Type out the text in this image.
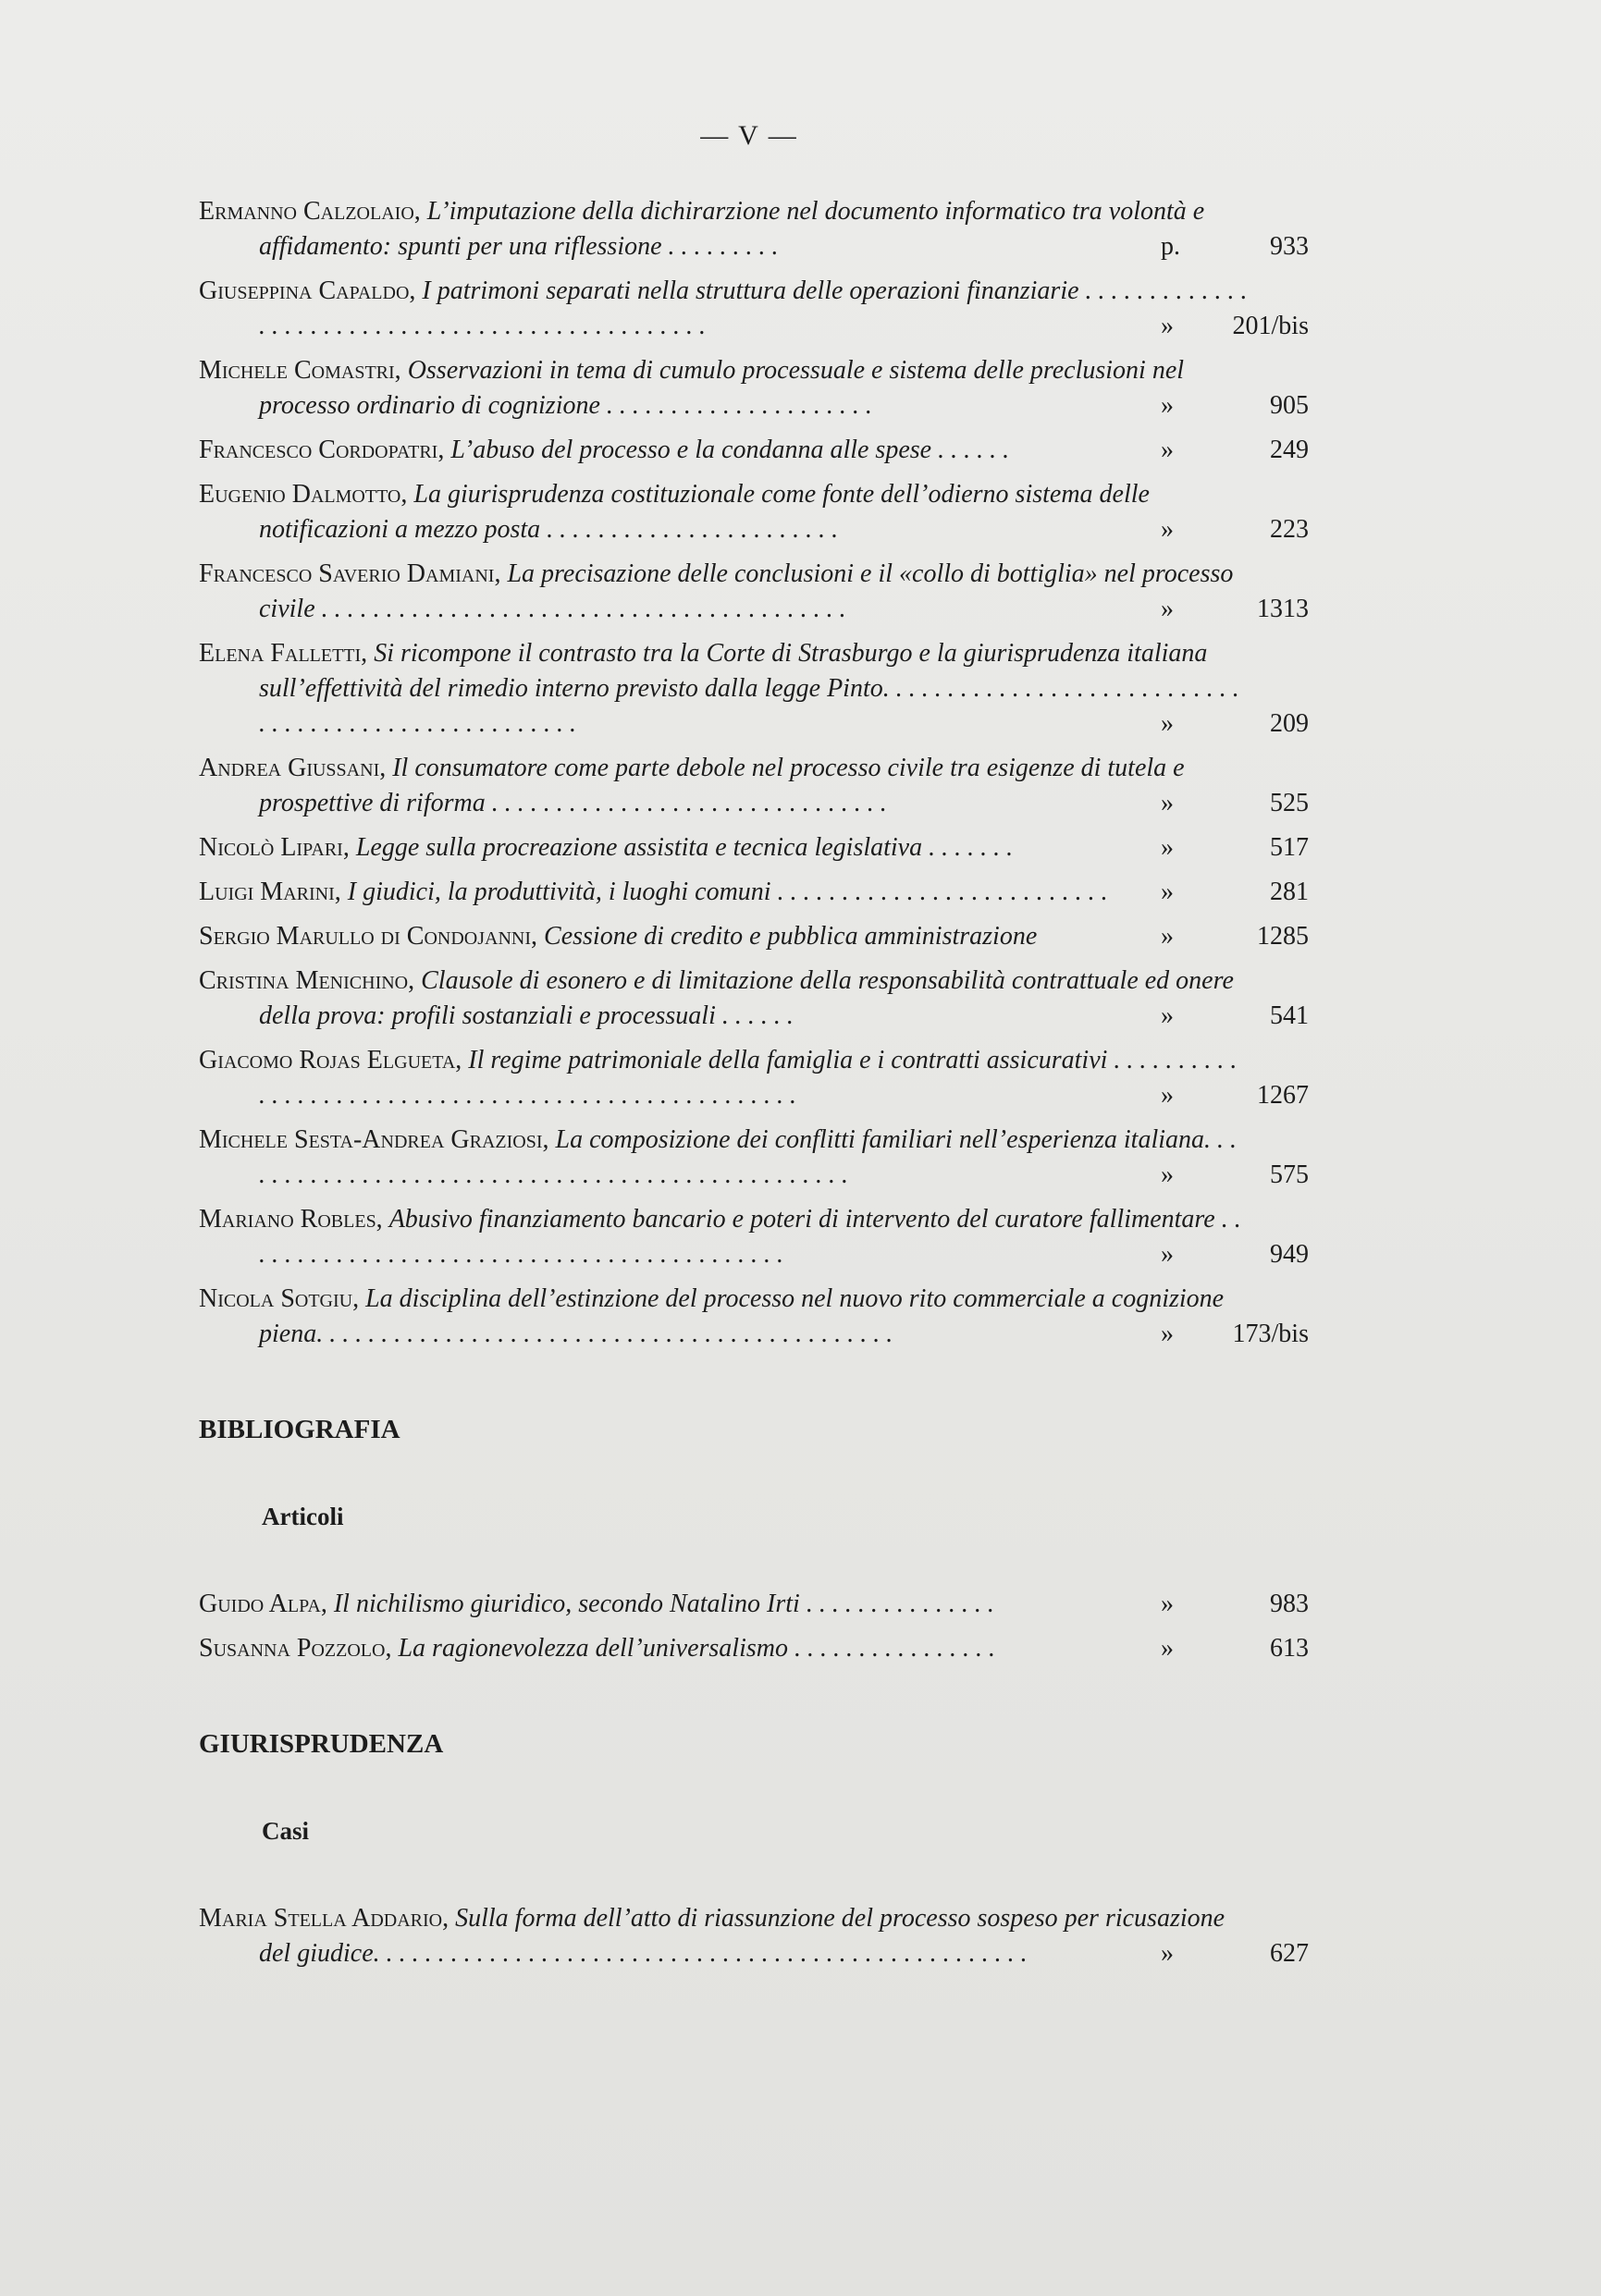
— V —
Ermanno Calzolaio, L’imputazione della dichirarzione nel documento informatico tra volontà e affidamento: spunti per una riflessione . . . . . . . . .	p.	933
Giuseppina Capaldo, I patrimoni separati nella struttura delle operazioni finanziarie . . . . . . . . . . . . . . . . . . . . . . . . . . . . . . . . . . . . . . . . . . . . . . . .	» 201/bis
Michele Comastri, Osservazioni in tema di cumulo processuale e sistema delle preclusioni nel processo ordinario di cognizione . . . . . . . . . . . . . . . . . . . . .	»	905
Francesco Cordopatri, L’abuso del processo e la condanna alle spese . . . . . .	»	249
Eugenio Dalmotto, La giurisprudenza costituzionale come fonte dell’odierno sistema delle notificazioni a mezzo posta . . . . . . . . . . . . . . . . . . . . . . .	»	223
Francesco Saverio Damiani, La precisazione delle conclusioni e il «collo di bottiglia» nel processo civile . . . . . . . . . . . . . . . . . . . . . . . . . . . . . . . . . . . . . . . . .	»	1313
Elena Falletti, Si ricompone il contrasto tra la Corte di Strasburgo e la giurisprudenza italiana sull’effettività del rimedio interno previsto dalla legge Pinto. . . . . . . . . . . . . . . . . . . . . . . . . . . . . . . . . . . . . . . . . . . . . . . . . . . . .	»	209
Andrea Giussani, Il consumatore come parte debole nel processo civile tra esigenze di tutela e prospettive di riforma . . . . . . . . . . . . . . . . . . . . . . . . . . . . . . .	»	525
Nicolò Lipari, Legge sulla procreazione assistita e tecnica legislativa . . . . . . .	»	517
Luigi Marini, I giudici, la produttività, i luoghi comuni . . . . . . . . . . . . . . . . . . . . . . . . . .	»	281
Sergio Marullo di Condojanni, Cessione di credito e pubblica amministrazione	»	1285
Cristina Menichino, Clausole di esonero e di limitazione della responsabilità contrattuale ed onere della prova: profili sostanziali e processuali . . . . . .	»	541
Giacomo Rojas Elgueta, Il regime patrimoniale della famiglia e i contratti assicurativi . . . . . . . . . . . . . . . . . . . . . . . . . . . . . . . . . . . . . . . . . . . . . . . . . . . .	»	1267
Michele Sesta-Andrea Graziosi, La composizione dei conflitti familiari nell’esperienza italiana. . . . . . . . . . . . . . . . . . . . . . . . . . . . . . . . . . . . . . . . . . . . . . . . .	»	575
Mariano Robles, Abusivo finanziamento bancario e poteri di intervento del curatore fallimentare . . . . . . . . . . . . . . . . . . . . . . . . . . . . . . . . . . . . . . . . . . .	»	949
Nicola Sotgiu, La disciplina dell’estinzione del processo nel nuovo rito commerciale a cognizione piena. . . . . . . . . . . . . . . . . . . . . . . . . . . . . . . . . . . . . . . . . . . . .	» 173/bis
BIBLIOGRAFIA
Articoli
Guido Alpa, Il nichilismo giuridico, secondo Natalino Irti . . . . . . . . . . . . . . .	»	983
Susanna Pozzolo, La ragionevolezza dell’universalismo . . . . . . . . . . . . . . . .	»	613
GIURISPRUDENZA
Casi
Maria Stella Addario, Sulla forma dell’atto di riassunzione del processo sospeso per ricusazione del giudice. . . . . . . . . . . . . . . . . . . . . . . . . . . . . . . . . . . . . . . . . . . . . . . . . . .	»	627
